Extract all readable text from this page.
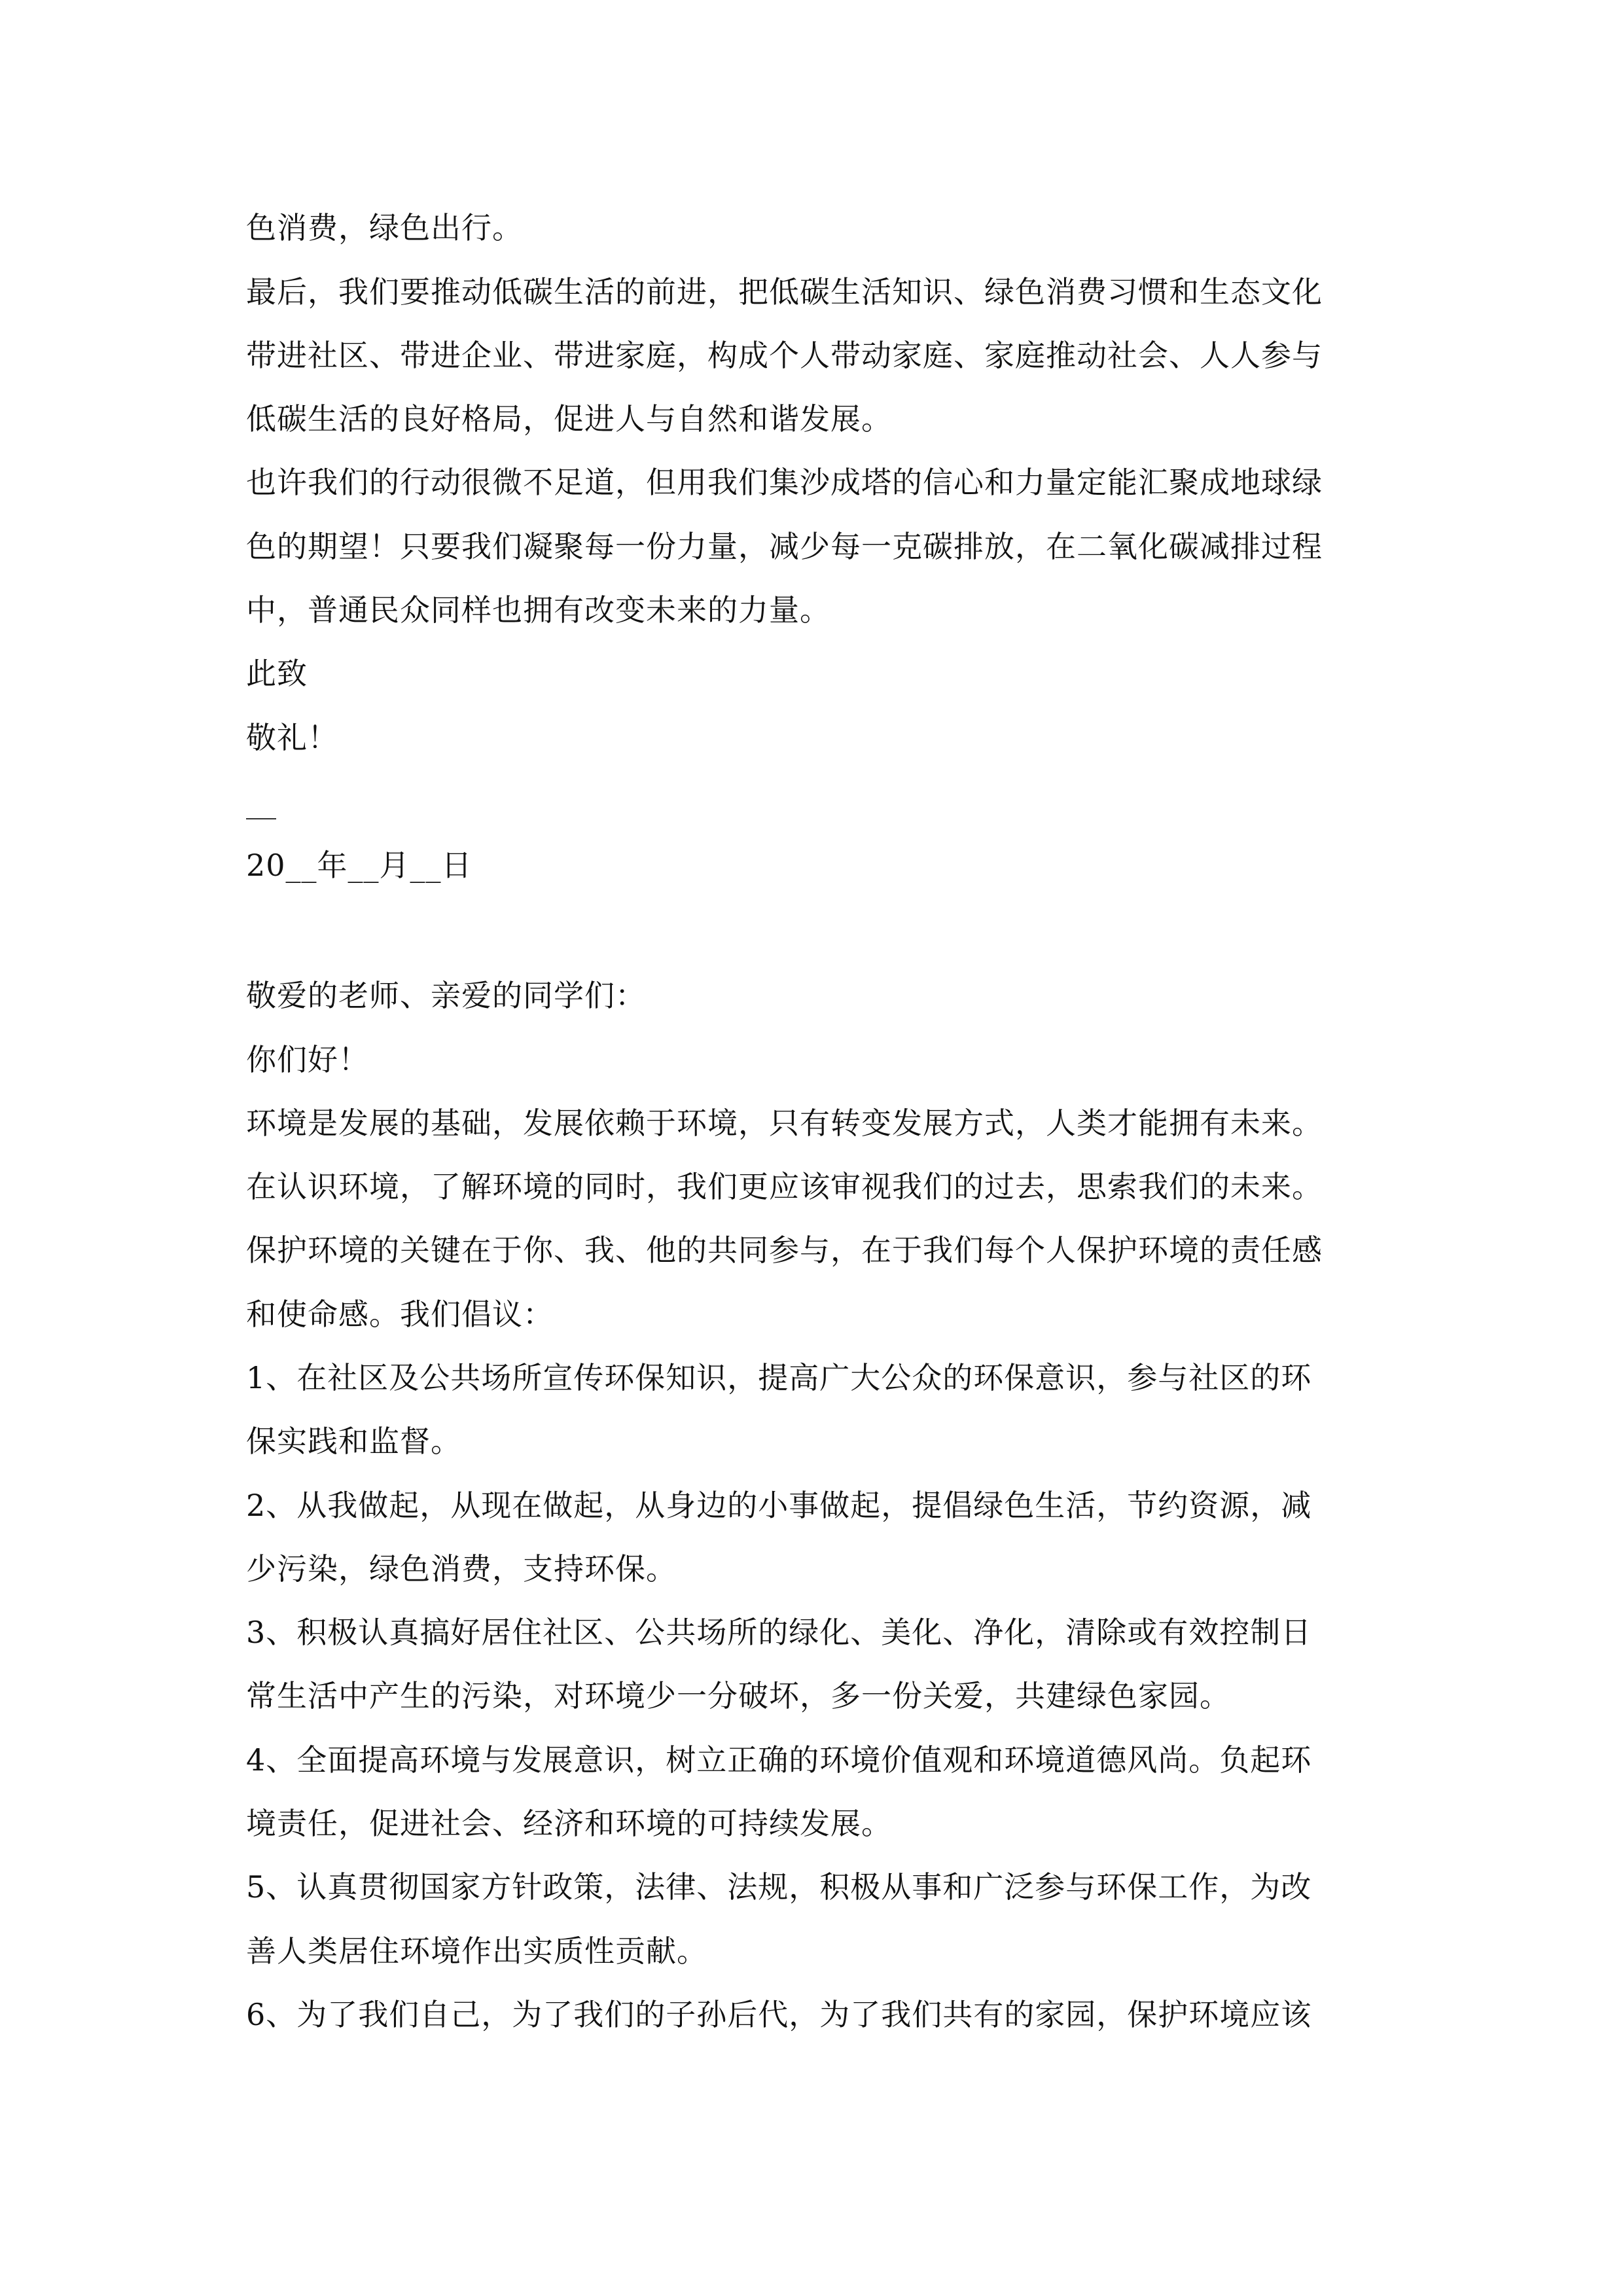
色消费，绿色出行。
最后，我们要推动低碳生活的前进，把低碳生活知识、绿色消费习惯和生态文化
带进社区、带进企业、带进家庭，构成个人带动家庭、家庭推动社会、人人参与
低碳生活的良好格局，促进人与自然和谐发展。
也许我们的行动很微不足道，但用我们集沙成塔的信心和力量定能汇聚成地球绿
色的期望！只要我们凝聚每一份力量，减少每一克碳排放，在二氧化碳减排过程
中，普通民众同样也拥有改变未来的力量。
此致
敬礼！
20__年__月__日
敬爱的老师、亲爱的同学们：
你们好！
环境是发展的基础，发展依赖于环境，只有转变发展方式，人类才能拥有未来。
在认识环境，了解环境的同时，我们更应该审视我们的过去，思索我们的未来。
保护环境的关键在于你、我、他的共同参与，在于我们每个人保护环境的责任感
和使命感。我们倡议：
1、在社区及公共场所宣传环保知识，提高广大公众的环保意识，参与社区的环
保实践和监督。
2、从我做起，从现在做起，从身边的小事做起，提倡绿色生活，节约资源，减
少污染，绿色消费，支持环保。
3、积极认真搞好居住社区、公共场所的绿化、美化、净化，清除或有效控制日
常生活中产生的污染，对环境少一分破坏，多一份关爱，共建绿色家园。
4、全面提高环境与发展意识，树立正确的环境价值观和环境道德风尚。负起环
境责任，促进社会、经济和环境的可持续发展。
5、认真贯彻国家方针政策，法律、法规，积极从事和广泛参与环保工作，为改
善人类居住环境作出实质性贡献。
6、为了我们自己，为了我们的子孙后代，为了我们共有的家园，保护环境应该
